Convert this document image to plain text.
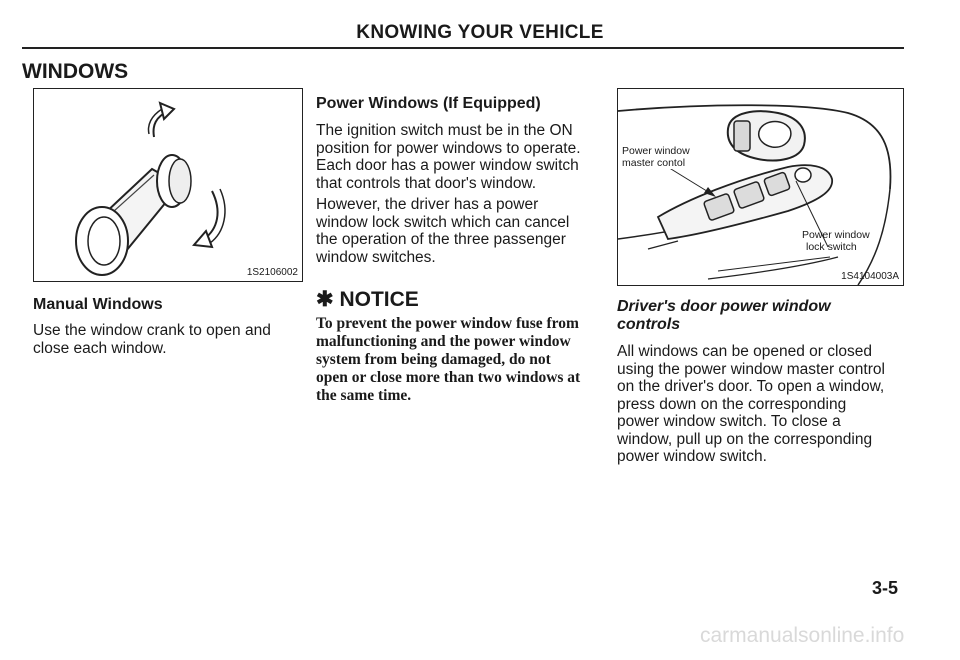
KNOWING YOUR VEHICLE
WINDOWS
1S2106002
Manual Windows
Use the window crank to open and
close each window.
Power Windows (If Equipped)
The ignition switch must be in the ON
position for power windows to operate.
Each door has a power window switch
that controls that door's window.
However, the driver has a power
window lock switch which can cancel
the operation of the three passenger
window switches.
✱ NOTICE
To prevent the power window fuse from
malfunctioning and the power window
system from being damaged, do not
open or close more than two windows at
the same time.
Power window
master contol
Power window
lock switch
1S4104003A
Driver's door power window
controls
All windows can be opened or closed
using the power window master control
on the driver's door. To open a window,
press down on the corresponding
power window switch. To close a
window, pull up on the corresponding
power window switch.
3-5
carmanualsonline.info
